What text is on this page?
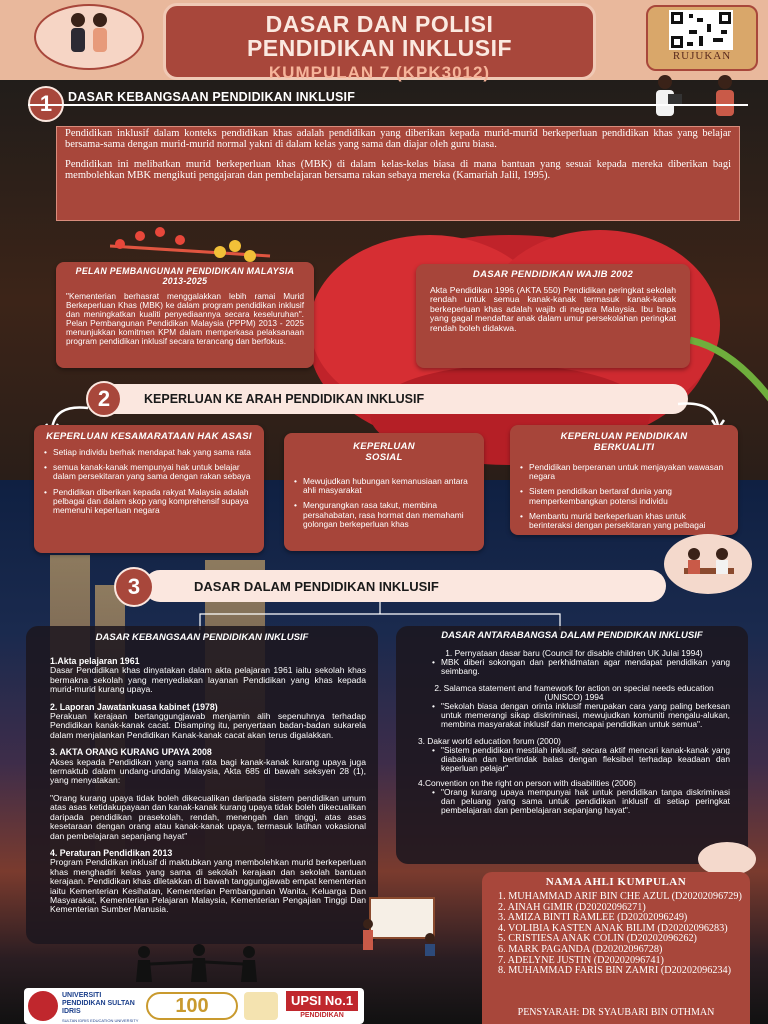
DASAR DAN POLISI
PENDIDIKAN INKLUSIF
KUMPULAN 7 (KPK3012)
RUJUKAN
DASAR KEBANGSAAN PENDIDIKAN INKLUSIF

Pendidikan inklusif dalam konteks pendidikan khas adalah pendidikan yang diberikan kepada murid-murid berkeperluan pendidikan khas yang belajar bersama-sama dengan murid-murid normal yakni di dalam kelas yang sama dan diajar oleh guru biasa.

Pendidikan ini melibatkan murid berkeperluan khas (MBK) di dalam kelas-kelas biasa di mana bantuan yang sesuai kepada mereka diberikan bagi membolehkan MBK mengikuti pengajaran dan pembelajaran bersama rakan sebaya mereka (Kamariah Jalil, 1995).

PELAN PEMBANGUNAN PENDIDIKAN MALAYSIA 2013-2025
"Kementerian berhasrat menggalakkan lebih ramai Murid Berkeperluan Khas (MBK) ke dalam program pendidikan inklusif dan meningkatkan kualiti penyediaannya secara keseluruhan". Pelan Pembangunan Pendidikan Malaysia (PPPM) 2013 - 2025 menunjukkan komitmen KPM dalam memperkasa pelaksanaan program pendidikan inklusif secara terancang dan berfokus.
DASAR PENDIDIKAN WAJIB 2002
Akta Pendidikan 1996 (AKTA 550) Pendidikan peringkat sekolah rendah untuk semua kanak-kanak termasuk kanak-kanak berkeperluan khas adalah wajib di negara Malaysia. Ibu bapa yang gagal mendaftar anak dalam umur persekolahan peringkat rendah boleh didakwa.
2	KEPERLUAN KE ARAH PENDIDIKAN INKLUSIF
KEPERLUAN KESAMARATAAN HAK ASASI
• Setiap individu berhak mendapat hak yang sama rata
• semua kanak-kanak mempunyai hak untuk belajar dalam persekitaran yang sama dengan rakan sebaya
• Pendidikan diberikan kepada rakyat Malaysia adalah pelbagai dan dalam skop yang komprehensif supaya memenuhi keperluan negara
KEPERLUAN SOSIAL
• Mewujudkan hubungan kemanusiaan antara ahli masyarakat
• Mengurangkan rasa takut, membina persahabatan, rasa hormat dan memahami golongan berkeperluan khas
KEPERLUAN PENDIDIKAN BERKUALITI
• Pendidikan berperanan untuk menjayakan wawasan negara
• Sistem pendidikan bertaraf dunia yang memperkembangkan potensi individu
• Membantu murid berkeperluan khas untuk berinteraksi dengan persekitaran yang pelbagai
3	DASAR DALAM PENDIDIKAN INKLUSIF
DASAR KEBANGSAAN PENDIDIKAN INKLUSIF
1.Akta pelajaran 1961

Dasar Pendidikan khas dinyatakan dalam akta pelajaran 1961 iaitu sekolah khas bermakna sekolah yang menyediakan layanan Pendidikan yang khas kepada murid-murid kurang upaya.

2. Laporan Jawatankuasa kabinet (1978)

Perakuan kerajaan bertanggungjawab menjamin alih sepenuhnya terhadap Pendidikan kanak-kanak cacat. Disamping itu, penyertaan badan-badan sukarela dalam menjalankan Pendidikan Kanak-kanak cacat akan terus digalakkan.

3. AKTA ORANG KURANG UPAYA 2008

Akses kepada Pendidikan yang sama rata bagi kanak-kanak kurang upaya juga termaktub dalam undang-undang Malaysia, Akta 685 di bawah seksyen 28 (1), yang menyatakan:

"Orang kurang upaya tidak boleh dikecualikan daripada sistem pendidikan umum atas asas ketidakupayaan dan kanak-kanak kurang upaya tidak boleh dikecualikan daripada pendidikan prasekolah, rendah, menengah dan tinggi, atas asas kesetaraan dengan orang atau kanak-kanak upaya, termasuk latihan vokasional dan pembelajaran sepanjang hayat"

4. Peraturan Pendidikan 2013

Program Pendidikan inklusif di maktubkan yang membolehkan murid berkeperluan khas menghadiri kelas yang sama di sekolah kerajaan dan sekolah bantuan kerajaan. Pendidikan khas diletakkan di bawah tanggungjawab empat kementerian iaitu Kementerian Kesihatan, Kementerian Pembangunan Wanita, Keluarga Dan Masyarakat, Kementerian Pelajaran Malaysia, Kementerian Pengajian Tinggi Dan Kementerian Sumber Manusia.

DASAR ANTARABANGSA DALAM PENDIDIKAN INKLUSIF

1. Pernyataan dasar baru (Council for disable children UK Julai 1994)

• MBK diberi sokongan dan perkhidmatan agar mendapat pendidikan yang seimbang.

2. Salamca statement and framework for action on special needs education (UNISCO) 1994

• "Sekolah biasa dengan orinta inklusif merupakan cara yang paling berkesan untuk memerangi sikap diskriminasi, mewujudkan komuniti mengalu-alukan, membina masyarakat inklusif dan mencapai pendidikan untuk semua".

3. Dakar world education forum (2000)

• "Sistem pendidikan mestilah inklusif, secara aktif mencari kanak-kanak yang diabaikan dan bertindak balas dengan fleksibel terhadap keadaan dan keperluan pelajar"

4.Convention on the right on person with disabilities (2006)

• "Orang kurang upaya mempunyai hak untuk pendidikan tanpa diskriminasi dan peluang yang sama untuk pendidikan inklusif di setiap peringkat pembelajaran dan pembelajaran sepanjang hayat".
NAMA AHLI KUMPULAN
1. MUHAMMAD ARIF BIN CHE AZUL (D20202096729)
2. AINAH GIMIR (D20202096271)
3. AMIZA BINTI RAMLEE (D20202096249)
4. VOLIBIA KASTEN ANAK BILIM (D20202096283)
5. CRISTIESA ANAK COLIN (D20202096262)
6. MARK PAGANDA (D20202096728)
7. ADELYNE JUSTIN (D20202096741)
8. MUHAMMAD FARIS BIN ZAMRI (D20202096234)
PENSYARAH: DR SYAUBARI BIN OTHMAN
UNIVERSITI PENDIDIKAN SULTAN IDRIS
SULTAN IDRIS EDUCATION UNIVERSITY
100	UPSI No.1
PENDIDIKAN
